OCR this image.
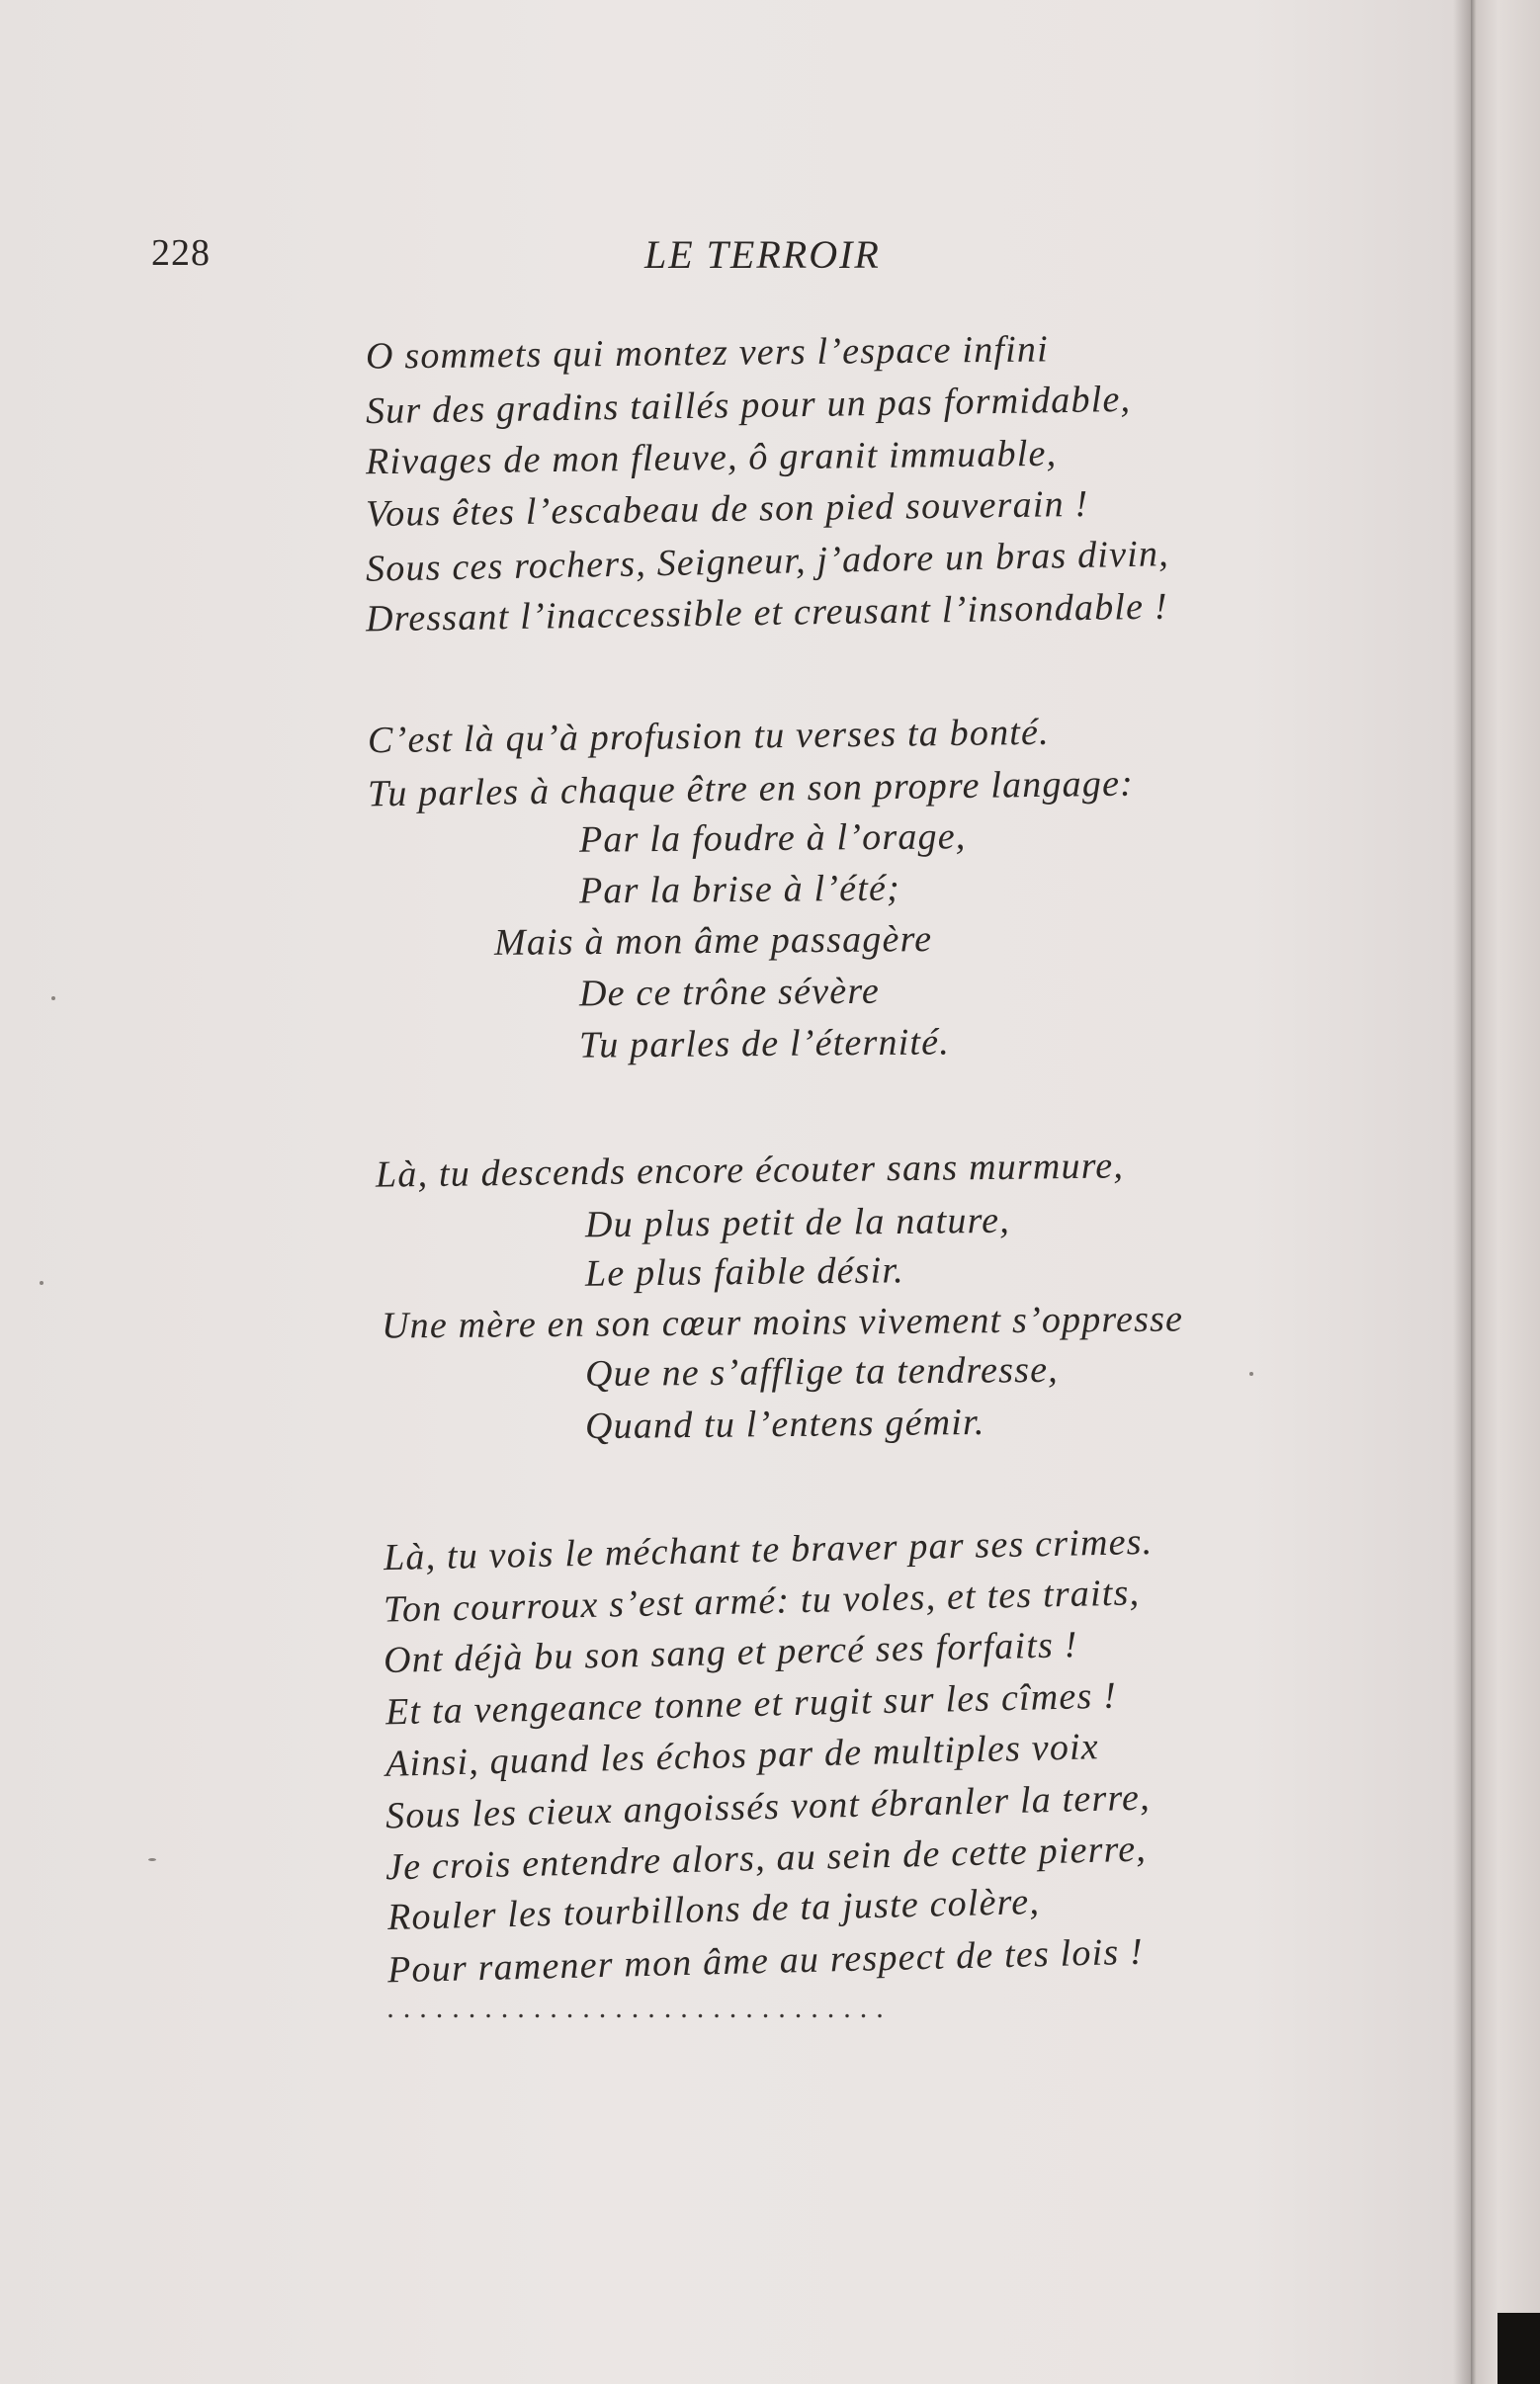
228	LE TERROIR
O sommets qui montez vers l’espace infini
Sur des gradins taillés pour un pas formidable,
Rivages de mon fleuve, ô granit immuable,
Vous êtes l’escabeau de son pied souverain !
Sous ces rochers, Seigneur, j’adore un bras divin,
Dressant l’inaccessible et creusant l’insondable !
C’est là qu’à profusion tu verses ta bonté.
Tu parles à chaque être en son propre langage:
Par la foudre à l’orage,
Par la brise à l’été;
Mais à mon âme passagère
De ce trône sévère
Tu parles de l’éternité.
Là, tu descends encore écouter sans murmure,
Du plus petit de la nature,
Le plus faible désir.
Une mère en son cœur moins vivement s’oppresse
Que ne s’afflige ta tendresse,
Quand tu l’entens gémir.
Là, tu vois le méchant te braver par ses crimes.
Ton courroux s’est armé: tu voles, et tes traits,
Ont déjà bu son sang et percé ses forfaits !
Et ta vengeance tonne et rugit sur les cîmes !
Ainsi, quand les échos par de multiples voix
Sous les cieux angoissés vont ébranler la terre,
Je crois entendre alors, au sein de cette pierre,
Rouler les tourbillons de ta juste colère,
Pour ramener mon âme au respect de tes lois !
...............................
